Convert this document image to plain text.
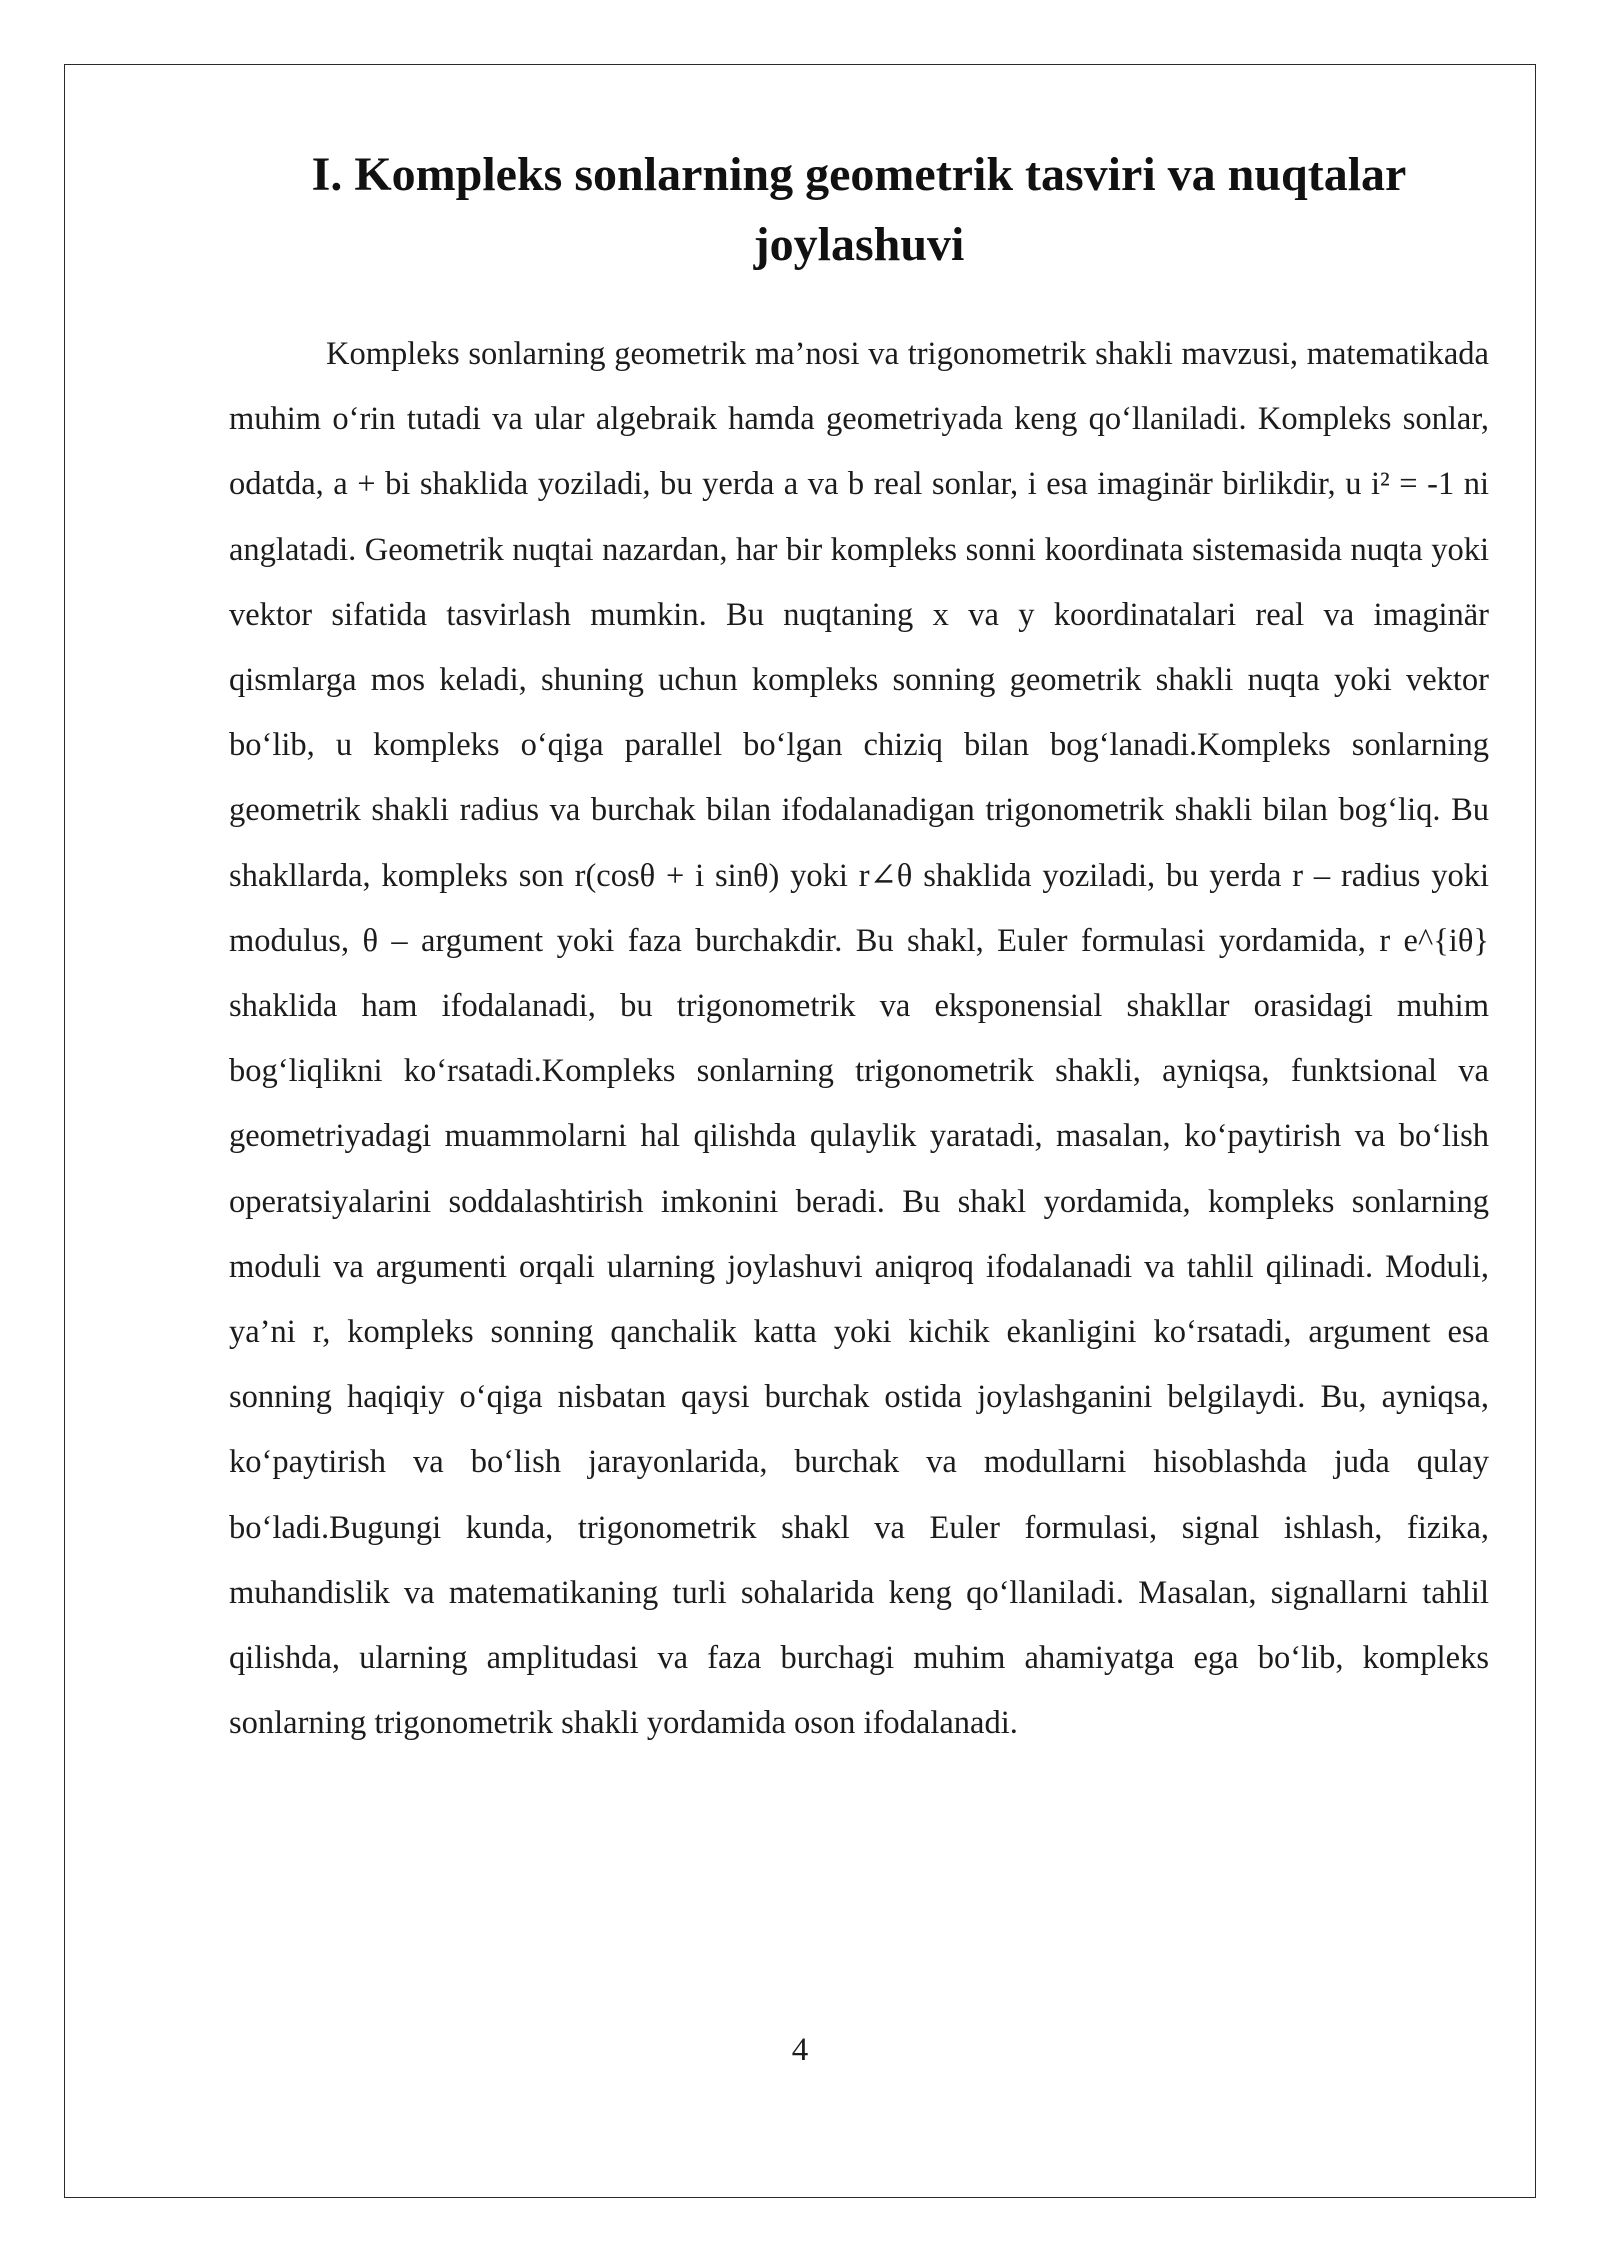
I. Kompleks sonlarning geometrik tasviri va nuqtalar joylashuvi

Kompleks sonlarning geometrik ma’nosi va trigonometrik shakli mavzusi, matematikada muhim o‘rin tutadi va ular algebraik hamda geometriyada keng qo‘llaniladi. Kompleks sonlar, odatda, a + bi shaklida yoziladi, bu yerda a va b real sonlar, i esa imaginär birlikdir, u i² = -1 ni anglatadi. Geometrik nuqtai nazardan, har bir kompleks sonni koordinata sistemasida nuqta yoki vektor sifatida tasvirlash mumkin. Bu nuqtaning x va y koordinatalari real va imaginär qismlarga mos keladi, shuning uchun kompleks sonning geometrik shakli nuqta yoki vektor bo‘lib, u kompleks o‘qiga parallel bo‘lgan chiziq bilan bog‘lanadi.Kompleks sonlarning geometrik shakli radius va burchak bilan ifodalanadigan trigonometrik shakli bilan bog‘liq. Bu shakllarda, kompleks son r(cosθ + i sinθ) yoki r∠θ shaklida yoziladi, bu yerda r – radius yoki modulus, θ – argument yoki faza burchakdir. Bu shakl, Euler formulasi yordamida, r e^{iθ} shaklida ham ifodalanadi, bu trigonometrik va eksponensial shakllar orasidagi muhim bog‘liqlikni ko‘rsatadi.Kompleks sonlarning trigonometrik shakli, ayniqsa, funktsional va geometriyadagi muammolarni hal qilishda qulaylik yaratadi, masalan, ko‘paytirish va bo‘lish operatsiyalarini soddalashtirish imkonini beradi. Bu shakl yordamida, kompleks sonlarning moduli va argumenti orqali ularning joylashuvi aniqroq ifodalanadi va tahlil qilinadi. Moduli, ya’ni r, kompleks sonning qanchalik katta yoki kichik ekanligini ko‘rsatadi, argument esa sonning haqiqiy o‘qiga nisbatan qaysi burchak ostida joylashganini belgilaydi. Bu, ayniqsa, ko‘paytirish va bo‘lish jarayonlarida, burchak va modullarni hisoblashda juda qulay bo‘ladi.Bugungi kunda, trigonometrik shakl va Euler formulasi, signal ishlash, fizika, muhandislik va matematikaning turli sohalarida keng qo‘llaniladi. Masalan, signallarni tahlil qilishda, ularning amplitudasi va faza burchagi muhim ahamiyatga ega bo‘lib, kompleks sonlarning trigonometrik shakli yordamida oson ifodalanadi.

4
